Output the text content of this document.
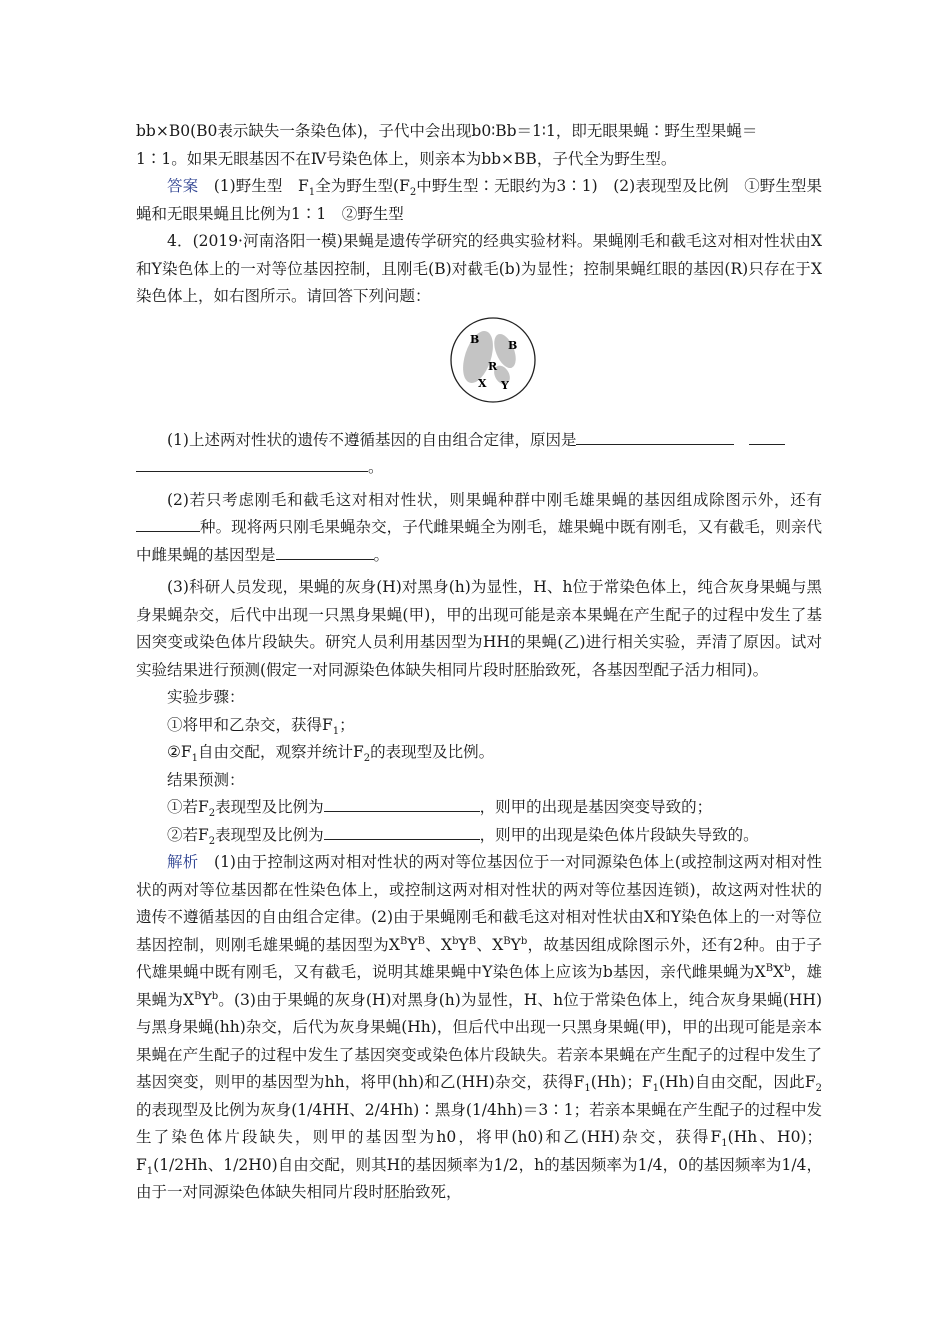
bb×B0(B0表示缺失一条染色体)，子代中会出现b0∶Bb＝1∶1，即无眼果蝇∶野生型果蝇＝

1∶1。如果无眼基因不在Ⅳ号染色体上，则亲本为bb×BB，子代全为野生型。

答案　 (1)野生型　$F_1$全为野生型($F_2$中野生型∶无眼约为3∶1)　(2)表现型及比例　①野生型果蝇和无眼果蝇且比例为1∶1　②野生型

4．(2019·河南洛阳一模)果蝇是遗传学研究的经典实验材料。果蝇刚毛和截毛这对相对性状由X和Y染色体上的一对等位基因控制，且刚毛(B)对截毛(b)为显性；控制果蝇红眼的基因(R)只存在于X染色体上，如右图所示。请回答下列问题：

B	B
R
X Y

(1)上述两对性状的遗传不遵循基因的自由组合定律，原因是
。

(2)若只考虑刚毛和截毛这对相对性状，则果蝇种群中刚毛雄果蝇的基因组成除图示外，还有种。现将两只刚毛果蝇杂交，子代雌果蝇全为刚毛，雄果蝇中既有刚毛，又有截毛，则亲代中雌果蝇的基因型是	。

(3)科研人员发现，果蝇的灰身(H)对黑身(h)为显性，H、h位于常染色体上，纯合灰身果蝇与黑身果蝇杂交，后代中出现一只黑身果蝇(甲)，甲的出现可能是亲本果蝇在产生配子的过程中发生了基因突变或染色体片段缺失。研究人员利用基因型为HH的果蝇(乙)进行相关实验，弄清了原因。试对实验结果进行预测(假定一对同源染色体缺失相同片段时胚胎致死，各基因型配子活力相同)。

实验步骤：

①将甲和乙杂交，获得$F_1$；

$②F_1$自由交配，观察并统计$F_2$的表现型及比例。

结果预测：

①若$F_2$表现型及比例为	，则甲的出现是基因突变导致的；

②若$F_2$表现型及比例为	，则甲的出现是染色体片段缺失导致的。

解析　 (1)由于控制这两对相对性状的两对等位基因位于一对同源染色体上(或控制这两对相对性状的两对等位基因都在性染色体上，或控制这两对相对性状的两对等位基因连锁)，故这两对性状的遗传不遵循基因的自由组合定律。(2)由于果蝇刚毛和截毛这对相对性状由X和Y染色体上的一对等位基因控制，则刚毛雄果蝇的基因型为$X^BY^B$、$X^bY^B$、$X^BY^b$，故基因组成除图示外，还有2种。由于子代雄果蝇中既有刚毛，又有截毛，说明其雄果蝇中Y染色体上应该为b基因，亲代雌果蝇为$X^BX^b$，雄果蝇为$X^BY^b$。(3)由于果蝇的灰身(H)对黑身(h)为显性，H、h位于常染色体上，纯合灰身果蝇(HH)与黑身果蝇(hh)杂交，后代为灰身果蝇(Hh)，但后代中出现一只黑身果蝇(甲)，甲的出现可能是亲本果蝇在产生配子的过程中发生了基因突变或染色体片段缺失。若亲本果蝇在产生配子的过程中发生了基因突变，则甲的基因型为hh，将甲(hh)和乙(HH)杂交，获得$F_1(Hh)$；$F_1(Hh)$自由交配，因此$F_2$的表现型及比例为灰身(1/4HH、2/4Hh)∶黑身(1/4hh)＝3∶1；若亲本果蝇在产生配子的过程中发生了染色体片段缺失，则甲的基因型为h0，将甲(h0)和乙(HH)杂交，获得$F_1(Hh$、H0)；$F_1(1/2Hh$、1/2H0)自由交配，则其H的基因频率为1/2，h的基因频率为1/4，0的基因频率为1/4，由于一对同源染色体缺失相同片段时胚胎致死，
